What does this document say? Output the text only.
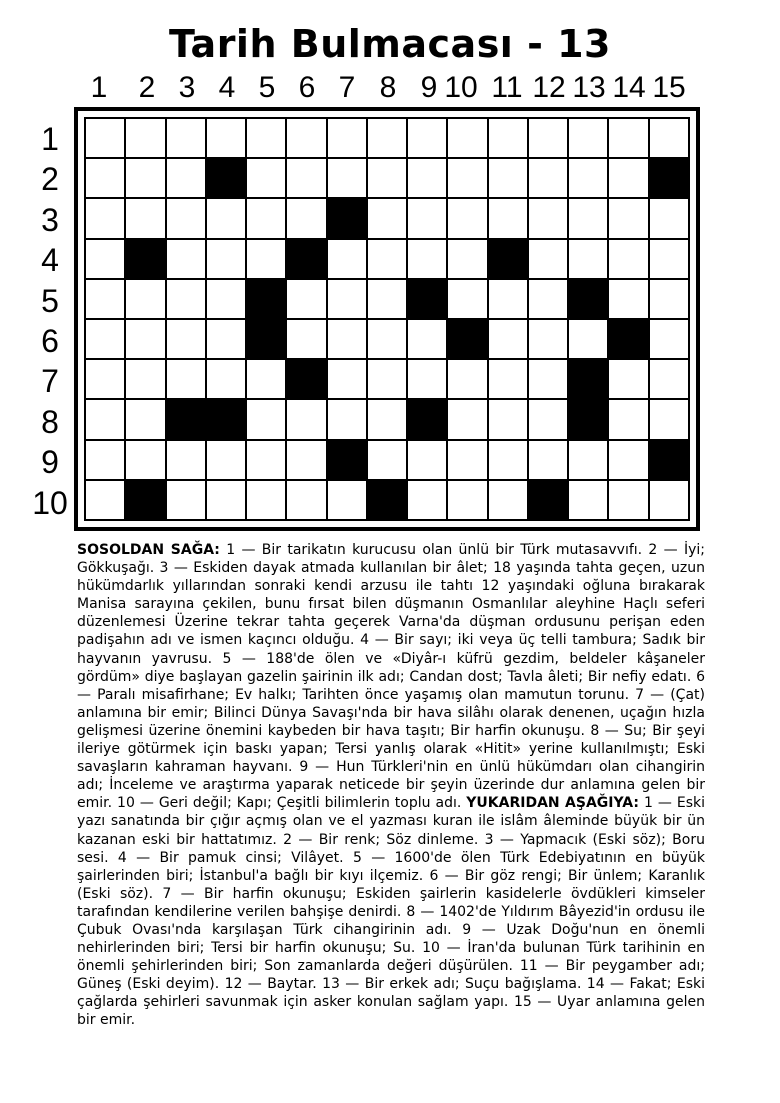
Tarih Bulmacası - 13
1	2 3 4 5 6 7 8 9 10 11 12 13 14 15
1
2
3
4
5
6
7
8
9
10

SOSOLDAN SAĞA: 1 — Bir tarikatın kurucusu olan ünlü bir Türk mutasavvıfı. 2 — İyi; Gökkuşağı. 3 — Eskiden dayak atmada kullanılan bir âlet; 18 yaşında tahta geçen, uzun hükümdarlık yıllarından sonraki kendi arzusu ile tahtı 12 yaşındaki oğluna bırakarak Manisa sarayına çekilen, bunu fırsat bilen düşmanın Osmanlılar aleyhine Haçlı seferi düzenlemesi Üzerine tekrar tahta geçerek Varna'da düşman ordusunu perişan eden padişahın adı ve ismen kaçıncı olduğu. 4 — Bir sayı; iki veya üç telli tambura; Sadık bir hayvanın yavrusu. 5 — 188'de ölen ve «Diyâr-ı küfrü gezdim, beldeler kâşaneler gördüm» diye başlayan gazelin şairinin ilk adı; Candan dost; Tavla âleti; Bir nefiy edatı. 6 — Paralı misafirhane; Ev halkı; Tarihten önce yaşamış olan mamutun torunu. 7 — (Çat) anlamına bir emir; Bilinci Dünya Savaşı'nda bir hava silâhı olarak denenen, uçağın hızla gelişmesi üzerine önemini kaybeden bir hava taşıtı; Bir harfin okunuşu. 8 — Su; Bir şeyi ileriye götürmek için baskı yapan; Tersi yanlış olarak «Hitit» yerine kullanılmıştı; Eski savaşların kahraman hayvanı. 9 — Hun Türkleri'nin en ünlü hükümdarı olan cihangirin adı; İnceleme ve araştırma yaparak neticede bir şeyin üzerinde dur anlamına gelen bir emir. 10 — Geri değil; Kapı; Çeşitli bilimlerin toplu adı. YUKARIDAN AŞAĞIYA: 1 — Eski yazı sanatında bir çığır açmış olan ve el yazması kuran ile islâm âleminde büyük bir ün kazanan eski bir hattatımız. 2 — Bir renk; Söz dinleme. 3 — Yapmacık (Eski söz); Boru sesi. 4 — Bir pamuk cinsi; Vilâyet. 5 — 1600'de ölen Türk Edebiyatının en büyük şairlerinden biri; İstanbul'a bağlı bir kıyı ilçemiz. 6 — Bir göz rengi; Bir ünlem; Karanlık (Eski söz). 7 — Bir harfin okunuşu; Eskiden şairlerin kasidelerle övdükleri kimseler tarafından kendilerine verilen bahşişe denirdi. 8 — 1402'de Yıldırım Bâyezid'in ordusu ile Çubuk Ovası'nda karşılaşan Türk cihangirinin adı. 9 — Uzak Doğu'nun en önemli nehirlerinden biri; Tersi bir harfin okunuşu; Su. 10 — İran'da bulunan Türk tarihinin en önemli şehirlerinden biri; Son zamanlarda değeri düşürülen. 11 — Bir peygamber adı; Güneş (Eski deyim). 12 — Baytar. 13 — Bir erkek adı; Suçu bağışlama. 14 — Fakat; Eski çağlarda şehirleri savunmak için asker konulan sağlam yapı. 15 — Uyar anlamına gelen bir emir.
